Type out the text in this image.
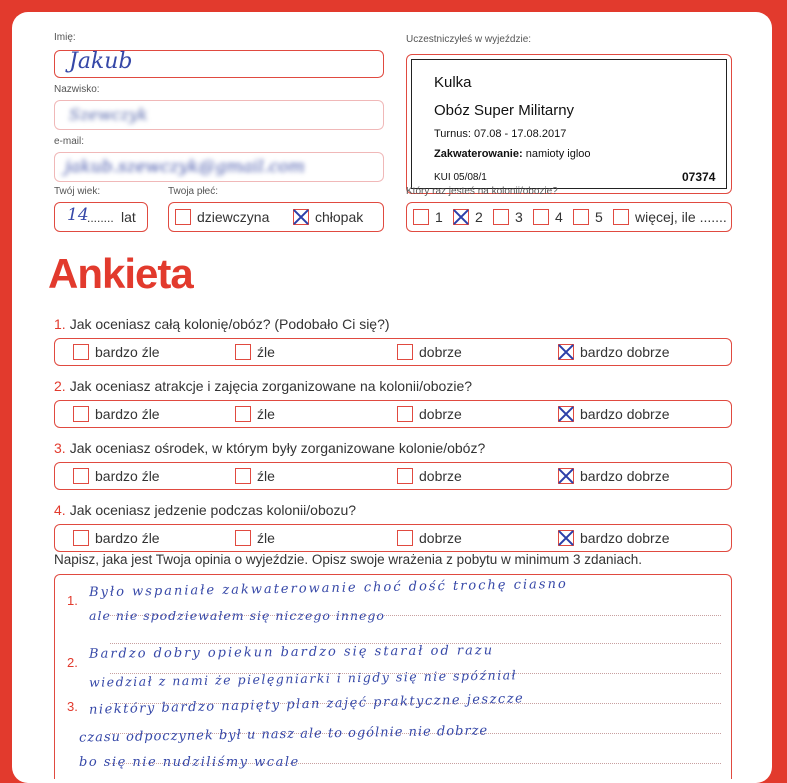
Imię:
Jakub
Nazwisko:
Szewczyk
e-mail:
jakub.szewczyk@gmail.com
Twój wiek:
14
........ lat
Twoja płeć:
dziewczyna	chłopak
Uczestniczyłeś w wyjeździe:
Kulka
Obóz Super Militarny
Turnus: 07.08 - 17.08.2017
Zakwaterowanie: namioty igloo
KUI 05/08/1	07374
Który raz jesteś na kolonii/obozie?
1 2 3 4 5 więcej, ile .......
Ankieta
1. Jak oceniasz całą kolonię/obóz? (Podobało Ci się?)
bardzo źle	źle	dobrze	bardzo dobrze
2. Jak oceniasz atrakcje i zajęcia zorganizowane na kolonii/obozie?
bardzo źle	źle	dobrze	bardzo dobrze
3. Jak oceniasz ośrodek, w którym były zorganizowane kolonie/obóz?
bardzo źle	źle	dobrze	bardzo dobrze
4. Jak oceniasz jedzenie podczas kolonii/obozu?
bardzo źle	źle	dobrze	bardzo dobrze
Napisz, jaka jest Twoja opinia o wyjeździe. Opisz swoje wrażenia z pobytu w minimum 3 zdaniach.
1.
2.
3.
Było wspaniałe zakwaterowanie choć dość trochę ciasno
ale nie spodziewałem się niczego innego
Bardzo dobry opiekun bardzo się starał od razu
wiedział z nami że pielęgniarki i nigdy się nie spóźniał
niektóry bardzo napięty plan zajęć praktyczne jeszcze
czasu odpoczynek był u nasz ale to ogólnie nie dobrze
bo się nie nudziliśmy wcale
